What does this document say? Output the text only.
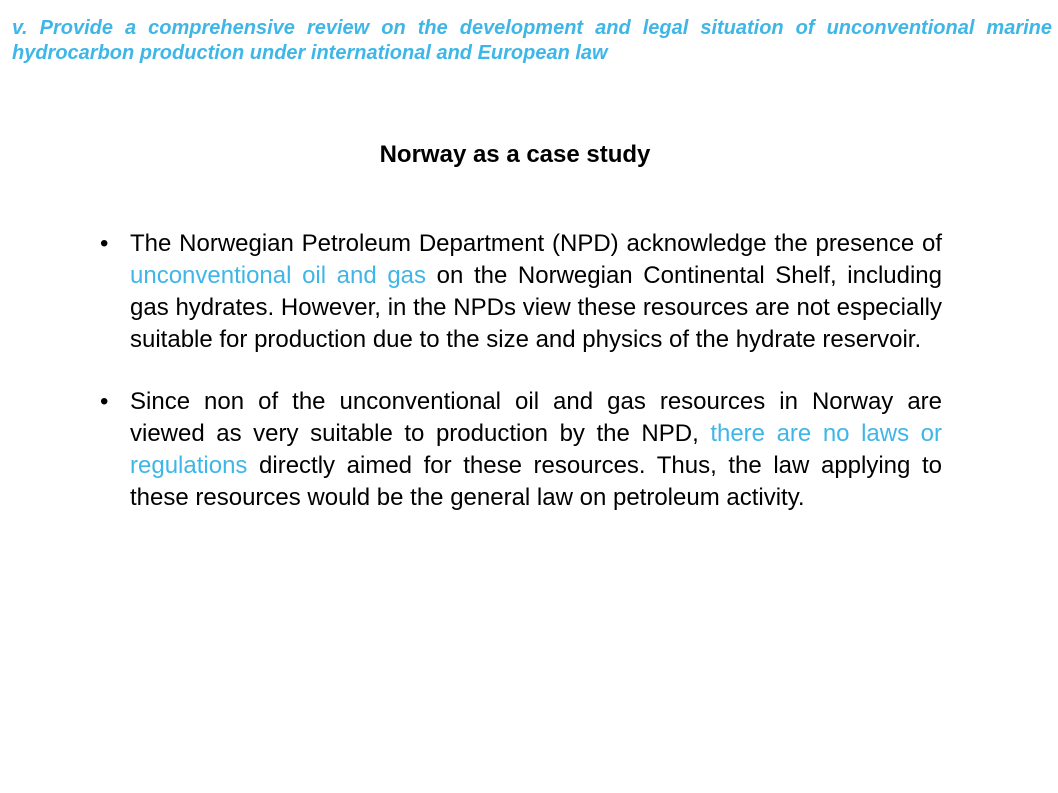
v. Provide a comprehensive review on the development and legal situation of unconventional marine hydrocarbon production under international and European law
Norway as a case study
• The Norwegian Petroleum Department (NPD) acknowledge the presence of unconventional oil and gas on the Norwegian Continental Shelf, including gas hydrates. However, in the NPDs view these resources are not especially suitable for production due to the size and physics of the hydrate reservoir.
• Since non of the unconventional oil and gas resources in Norway are viewed as very suitable to production by the NPD, there are no laws or regulations directly aimed for these resources. Thus, the law applying to these resources would be the general law on petroleum activity.
